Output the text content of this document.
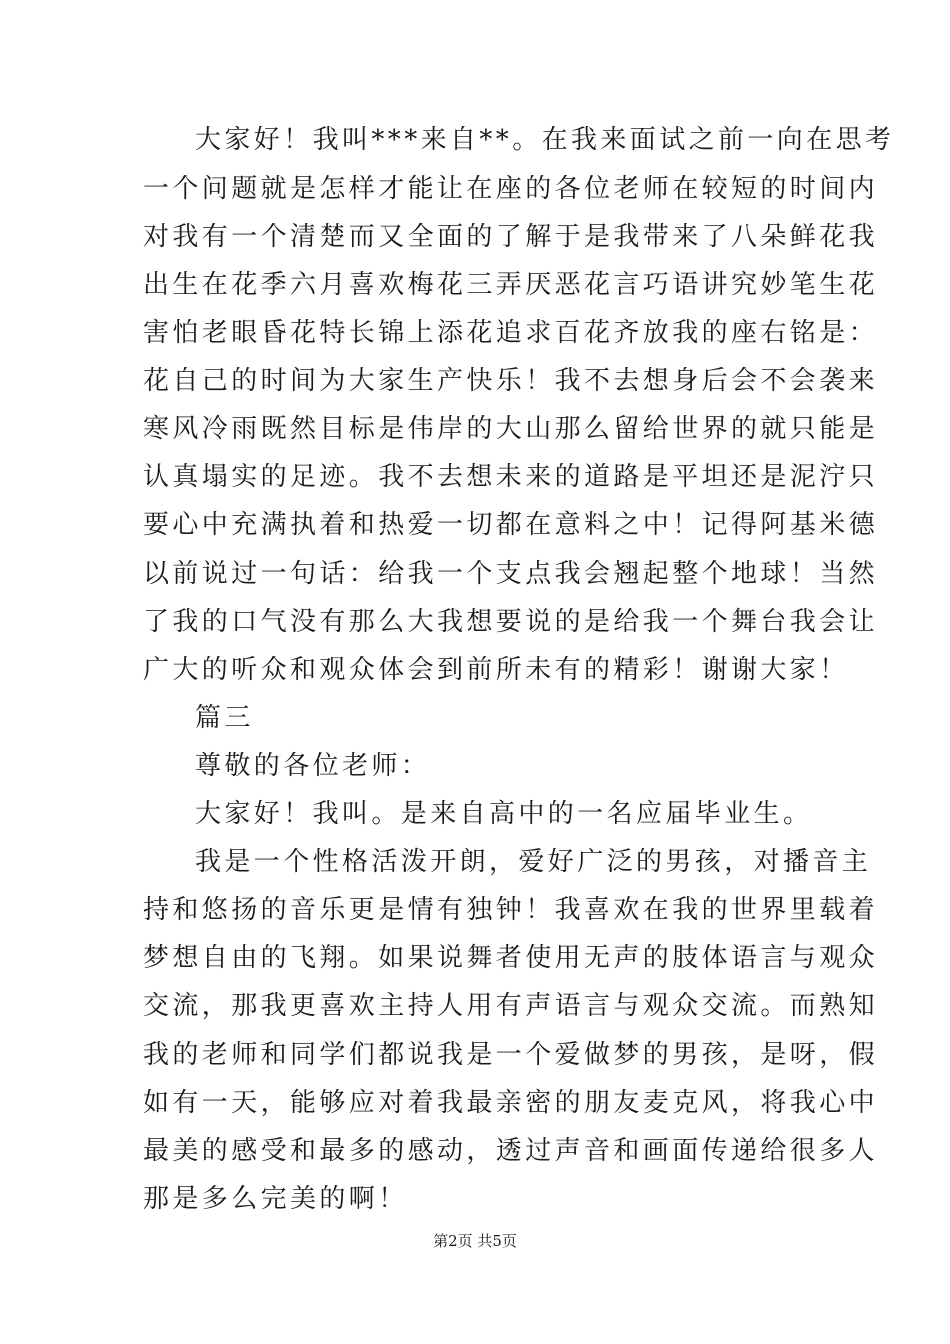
大家好！我叫***来自**。在我来面试之前一向在思考
一个问题就是怎样才能让在座的各位老师在较短的时间内
对我有一个清楚而又全面的了解于是我带来了八朵鲜花我
出生在花季六月喜欢梅花三弄厌恶花言巧语讲究妙笔生花
害怕老眼昏花特长锦上添花追求百花齐放我的座右铭是：
花自己的时间为大家生产快乐！我不去想身后会不会袭来
寒风冷雨既然目标是伟岸的大山那么留给世界的就只能是
认真塌实的足迹。我不去想未来的道路是平坦还是泥泞只
要心中充满执着和热爱一切都在意料之中！记得阿基米德
以前说过一句话：给我一个支点我会翘起整个地球！当然
了我的口气没有那么大我想要说的是给我一个舞台我会让
广大的听众和观众体会到前所未有的精彩！谢谢大家！
篇三
尊敬的各位老师：
大家好！我叫。是来自高中的一名应届毕业生。
我是一个性格活泼开朗，爱好广泛的男孩，对播音主
持和悠扬的音乐更是情有独钟！我喜欢在我的世界里载着
梦想自由的飞翔。如果说舞者使用无声的肢体语言与观众
交流，那我更喜欢主持人用有声语言与观众交流。而熟知
我的老师和同学们都说我是一个爱做梦的男孩，是呀，假
如有一天，能够应对着我最亲密的朋友麦克风，将我心中
最美的感受和最多的感动，透过声音和画面传递给很多人
那是多么完美的啊！
第2页 共5页
